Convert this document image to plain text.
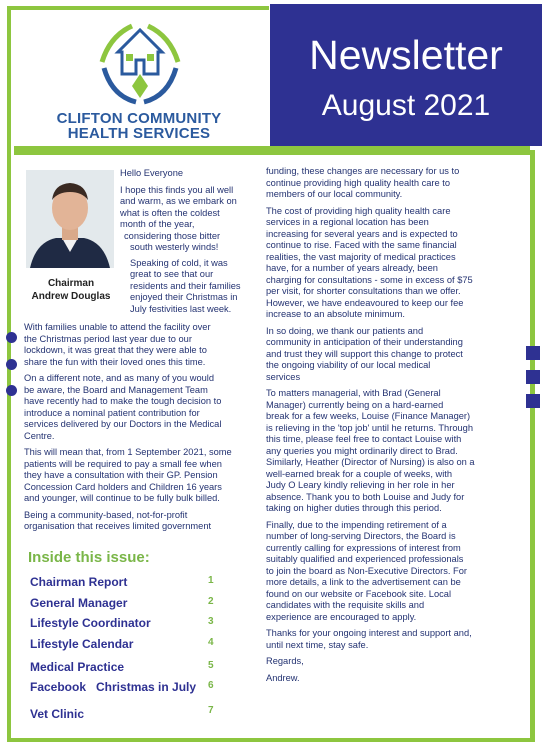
CLIFTON COMMUNITY
HEALTH SERVICES
Newsletter
August 2021
Chairman
Andrew Douglas

Hello Everyone

I hope this finds you all well

and warm, as we embark on

what is often the coldest

month of the year,

considering those bitter

south westerly winds!

Speaking of cold, it was

great to see that our

residents and their families

enjoyed their Christmas in

July festivities last week.

With families unable to attend the facility over

the Christmas period last year due to our

lockdown, it was great that they were able to

share the fun with their loved ones this time.

On a different note, and as many of you would

be aware, the Board and Management Team

have recently had to make the tough decision to

introduce a nominal patient contribution for

services delivered by our Doctors in the Medical

Centre.

This will mean that, from 1 September 2021, some

patients will be required to pay a small fee when

they have a consultation with their GP. Pension

Concession Card holders and Children 16 years

and younger, will continue to be fully bulk billed.

Being a community-based, not-for-profit

organisation that receives limited government

funding, these changes are necessary for us to

continue providing high quality health care to

members of our local community.

The cost of providing high quality health care

services in a regional location has been

increasing for several years and is expected to

continue to rise. Faced with the same financial

realities, the vast majority of medical practices

have, for a number of years already, been

charging for consultations - some in excess of $75

per visit, for shorter consultations than we offer.

However, we have endeavoured to keep our fee

increase to an absolute minimum.

In so doing, we thank our patients and

community in anticipation of their understanding

and trust they will support this change to protect

the ongoing viability of our local medical

services

To matters managerial, with Brad (General

Manager) currently being on a hard-earned

break for a few weeks, Louise (Finance Manager)

is relieving in the 'top job' until he returns. Through

this time, please feel free to contact Louise with

any queries you might ordinarily direct to Brad.

Similarly, Heather (Director of Nursing) is also on a

well-earned break for a couple of weeks, with

Judy O Leary kindly relieving in her role in her

absence. Thank you to both Louise and Judy for

taking on higher duties through this period.

Finally, due to the impending retirement of a

number of long-serving Directors, the Board is

currently calling for expressions of interest from

suitably qualified and experienced professionals

to join the board as Non-Executive Directors. For

more details, a link to the advertisement can be

found on our website or Facebook site. Local

candidates with the requisite skills and

experience are encouraged to apply.

Thanks for your ongoing interest and support and,

until next time, stay safe.

Regards,

Andrew.

Inside this issue:
Chairman Report	1
General Manager	2
Lifestyle Coordinator	3
Lifestyle Calendar	4
Medical Practice	5
Facebook   Christmas in July 6
Vet Clinic	7
